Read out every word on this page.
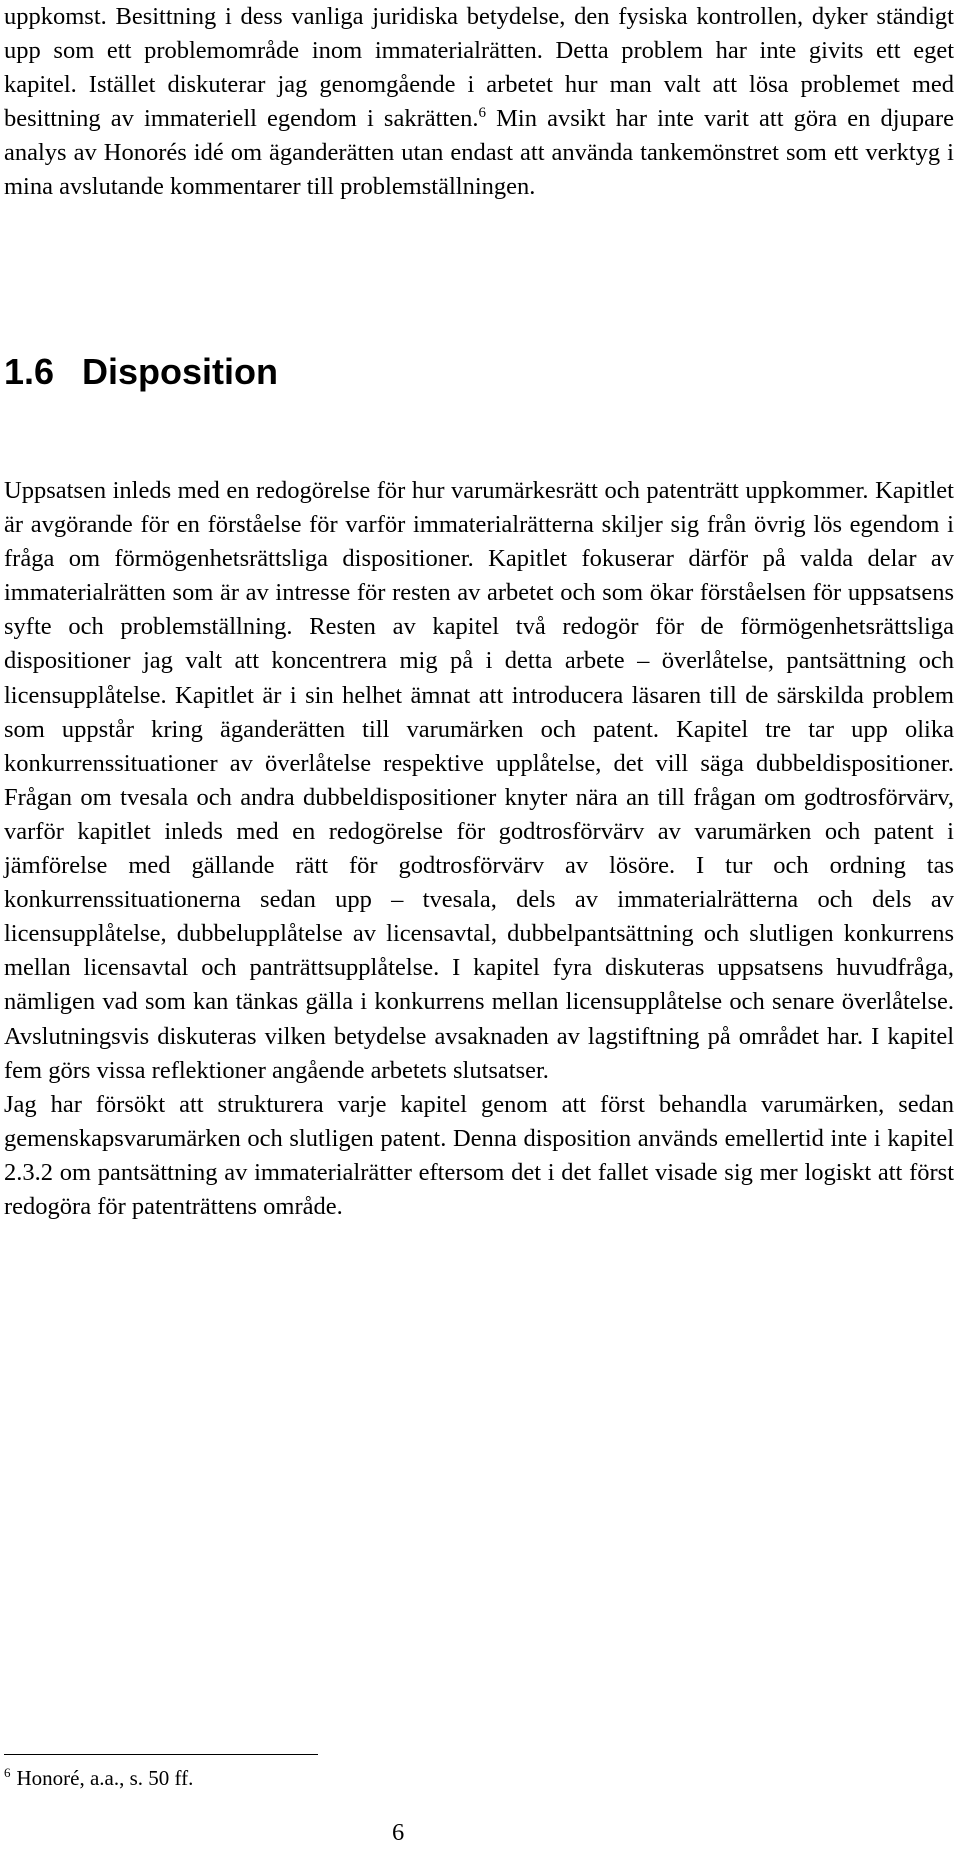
uppkomst. Besittning i dess vanliga juridiska betydelse, den fysiska kontrollen, dyker ständigt upp som ett problemområde inom immaterialrätten. Detta problem har inte givits ett eget kapitel. Istället diskuterar jag genomgående i arbetet hur man valt att lösa problemet med besittning av immateriell egendom i sakrätten.$^6$ Min avsikt har inte varit att göra en djupare analys av Honorés idé om äganderätten utan endast att använda tankemönstret som ett verktyg i mina avslutande kommentarer till problemställningen.

1.6 Disposition

Uppsatsen inleds med en redogörelse för hur varumärkesrätt och patenträtt uppkommer. Kapitlet är avgörande för en förståelse för varför immaterialrätterna skiljer sig från övrig lös egendom i fråga om förmögenhetsrättsliga dispositioner. Kapitlet fokuserar därför på valda delar av immaterialrätten som är av intresse för resten av arbetet och som ökar förståelsen för uppsatsens syfte och problemställning. Resten av kapitel två redogör för de förmögenhetsrättsliga dispositioner jag valt att koncentrera mig på i detta arbete – överlåtelse, pantsättning och licensupplåtelse. Kapitlet är i sin helhet ämnat att introducera läsaren till de särskilda problem som uppstår kring äganderätten till varumärken och patent. Kapitel tre tar upp olika konkurrenssituationer av överlåtelse respektive upplåtelse, det vill säga dubbeldispositioner. Frågan om tvesala och andra dubbeldispositioner knyter nära an till frågan om godtrosförvärv, varför kapitlet inleds med en redogörelse för godtrosförvärv av varumärken och patent i jämförelse med gällande rätt för godtrosförvärv av lösöre. I tur och ordning tas konkurrenssituationerna sedan upp – tvesala, dels av immaterialrätterna och dels av licensupplåtelse, dubbelupplåtelse av licensavtal, dubbelpantsättning och slutligen konkurrens mellan licensavtal och panträttsupplåtelse. I kapitel fyra diskuteras uppsatsens huvudfråga, nämligen vad som kan tänkas gälla i konkurrens mellan licensupplåtelse och senare överlåtelse. Avslutningsvis diskuteras vilken betydelse avsaknaden av lagstiftning på området har. I kapitel fem görs vissa reflektioner angående arbetets slutsatser.

Jag har försökt att strukturera varje kapitel genom att först behandla varumärken, sedan gemenskapsvarumärken och slutligen patent. Denna disposition används emellertid inte i kapitel 2.3.2 om pantsättning av immaterialrätter eftersom det i det fallet visade sig mer logiskt att först redogöra för patenträttens område.

$^6$ Honoré, a.a., s. 50 ff.

6
